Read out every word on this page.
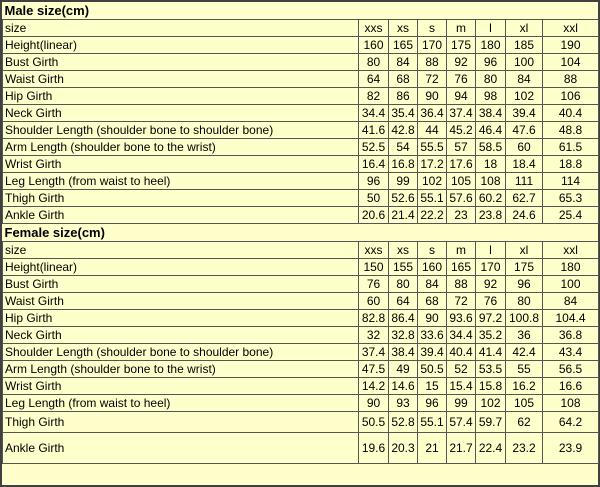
Male size(cm)							
size	xxs	xs	s	m	l	xl	xxl
Height(linear)	160	165	170	175	180	185	190
Bust Girth	80	84	88	92	96	100	104
Waist Girth	64	68	72	76	80	84	88
Hip Girth	82	86	90	94	98	102	106
Neck Girth	34.4	35.4	36.4	37.4	38.4	39.4	40.4
Shoulder Length (shoulder bone to shoulder bone)	41.6	42.8	44	45.2	46.4	47.6	48.8
Arm Length (shoulder bone to the wrist)	52.5	54	55.5	57	58.5	60	61.5
Wrist Girth	16.4	16.8	17.2	17.6	18	18.4	18.8
Leg Length (from waist to heel)	96	99	102	105	108	111	114
Thigh Girth	50	52.6	55.1	57.6	60.2	62.7	65.3
Ankle Girth	20.6	21.4	22.2	23	23.8	24.6	25.4
Female size(cm)							
size	xxs	xs	s	m	l	xl	xxl
Height(linear)	150	155	160	165	170	175	180
Bust Girth	76	80	84	88	92	96	100
Waist Girth	60	64	68	72	76	80	84
Hip Girth	82.8	86.4	90	93.6	97.2	100.8	104.4
Neck Girth	32	32.8	33.6	34.4	35.2	36	36.8
Shoulder Length (shoulder bone to shoulder bone)	37.4	38.4	39.4	40.4	41.4	42.4	43.4
Arm Length (shoulder bone to the wrist)	47.5	49	50.5	52	53.5	55	56.5
Wrist Girth	14.2	14.6	15	15.4	15.8	16.2	16.6
Leg Length (from waist to heel)	90	93	96	99	102	105	108
Thigh Girth	50.5	52.8	55.1	57.4	59.7	62	64.2
Ankle Girth	19.6	20.3	21	21.7	22.4	23.2	23.9
